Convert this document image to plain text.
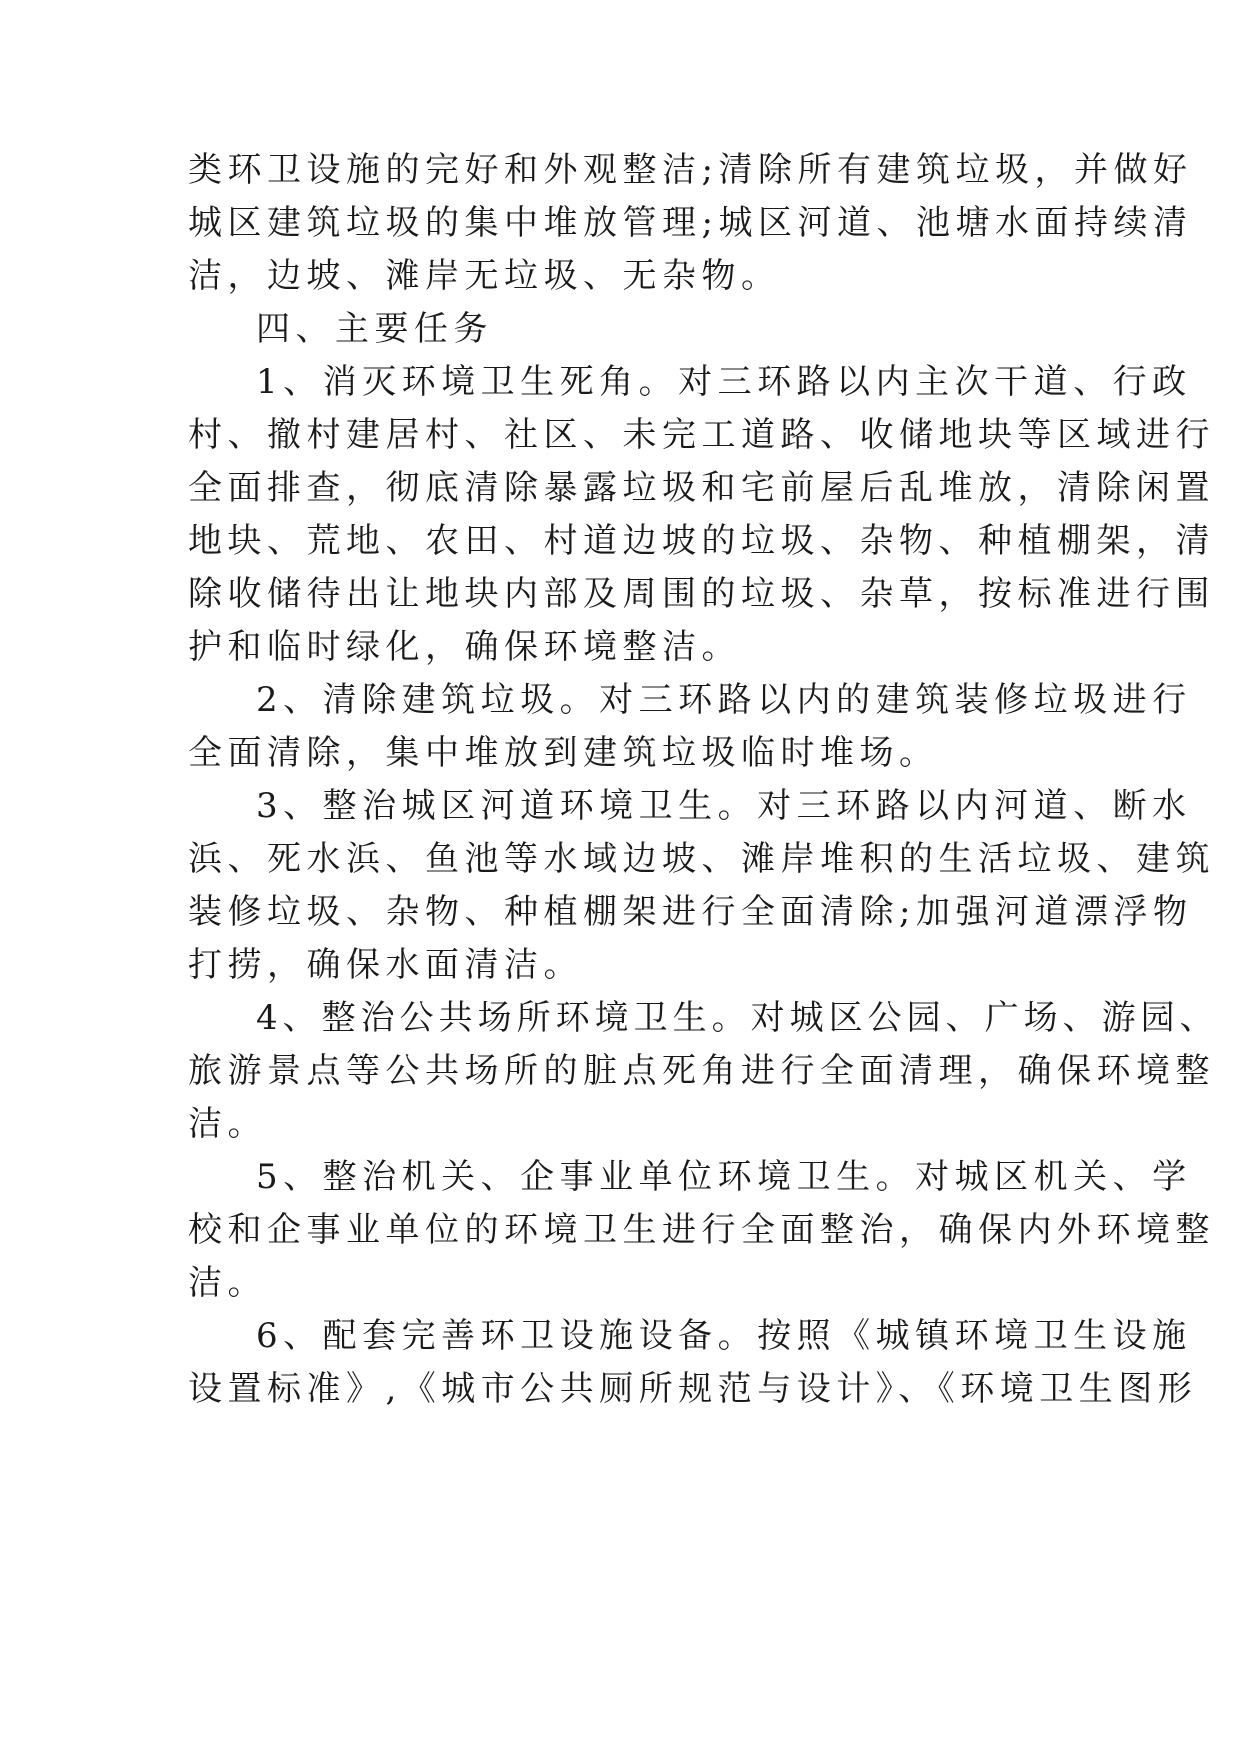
类环卫设施的完好和外观整洁;清除所有建筑垃圾，并做好

城区建筑垃圾的集中堆放管理;城区河道、池塘水面持续清

洁，边坡、滩岸无垃圾、无杂物。

四、主要任务

1、消灭环境卫生死角。对三环路以内主次干道、行政

村、撤村建居村、社区、未完工道路、收储地块等区域进行

全面排查，彻底清除暴露垃圾和宅前屋后乱堆放，清除闲置

地块、荒地、农田、村道边坡的垃圾、杂物、种植棚架，清

除收储待出让地块内部及周围的垃圾、杂草，按标准进行围

护和临时绿化，确保环境整洁。

2、清除建筑垃圾。对三环路以内的建筑装修垃圾进行

全面清除，集中堆放到建筑垃圾临时堆场。

3、整治城区河道环境卫生。对三环路以内河道、断水

浜、死水浜、鱼池等水域边坡、滩岸堆积的生活垃圾、建筑

装修垃圾、杂物、种植棚架进行全面清除;加强河道漂浮物

打捞，确保水面清洁。

4、整治公共场所环境卫生。对城区公园、广场、游园、

旅游景点等公共场所的脏点死角进行全面清理，确保环境整

洁。

5、整治机关、企事业单位环境卫生。对城区机关、学

校和企事业单位的环境卫生进行全面整治，确保内外环境整

洁。

6、配套完善环卫设施设备。按照《城镇环境卫生设施

设置标准》,《城市公共厕所规范与设计》、《环境卫生图形
